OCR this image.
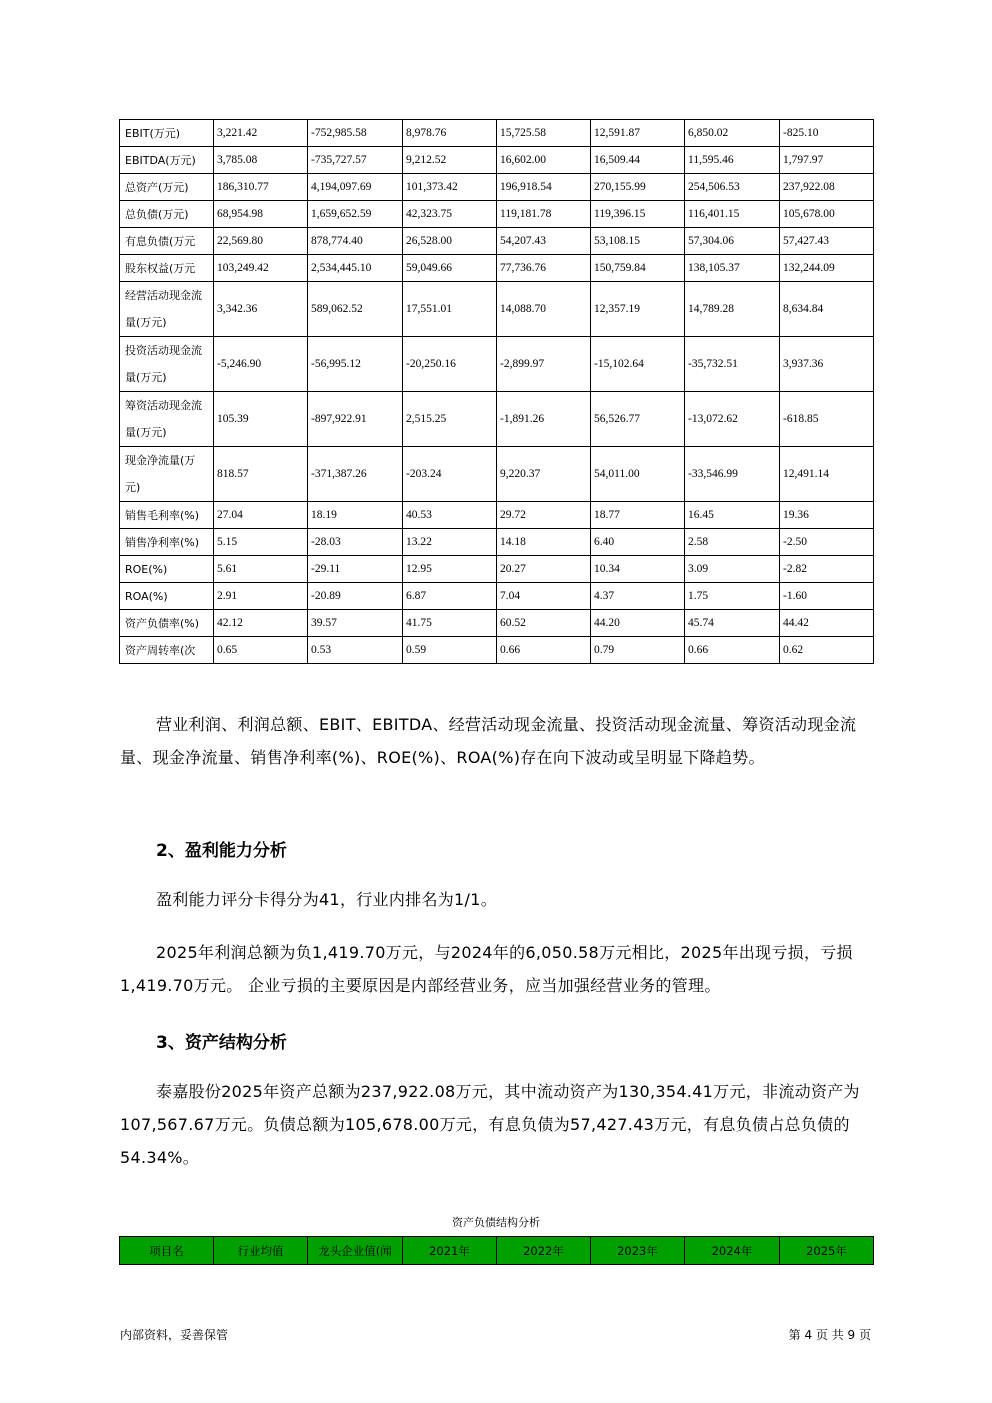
EBIT(万元)	3,221.42	-752,985.58	8,978.76	15,725.58	12,591.87	6,850.02	-825.10
EBITDA(万元)	3,785.08	-735,727.57	9,212.52	16,602.00	16,509.44	11,595.46	1,797.97
总资产(万元)	186,310.77	4,194,097.69	101,373.42	196,918.54	270,155.99	254,506.53	237,922.08
总负债(万元)	68,954.98	1,659,652.59	42,323.75	119,181.78	119,396.15	116,401.15	105,678.00
有息负债(万元	22,569.80	878,774.40	26,528.00	54,207.43	53,108.15	57,304.06	57,427.43
股东权益(万元	103,249.42	2,534,445.10	59,049.66	77,736.76	150,759.84	138,105.37	132,244.09
经营活动现金流量(万元)	3,342.36	589,062.52	17,551.01	14,088.70	12,357.19	14,789.28	8,634.84
投资活动现金流量(万元)	-5,246.90	-56,995.12	-20,250.16	-2,899.97	-15,102.64	-35,732.51	3,937.36
筹资活动现金流量(万元)	105.39	-897,922.91	2,515.25	-1,891.26	56,526.77	-13,072.62	-618.85
现金净流量(万元)	818.57	-371,387.26	-203.24	9,220.37	54,011.00	-33,546.99	12,491.14
销售毛利率(%)	27.04	18.19	40.53	29.72	18.77	16.45	19.36
销售净利率(%)	5.15	-28.03	13.22	14.18	6.40	2.58	-2.50
ROE(%)	5.61	-29.11	12.95	20.27	10.34	3.09	-2.82
ROA(%)	2.91	-20.89	6.87	7.04	4.37	1.75	-1.60
资产负债率(%)	42.12	39.57	41.75	60.52	44.20	45.74	44.42
资产周转率(次	0.65	0.53	0.59	0.66	0.79	0.66	0.62

营业利润、利润总额、EBIT、EBITDA、经营活动现金流量、投资活动现金流量、筹资活动现金流量、现金净流量、销售净利率(%)、ROE(%)、ROA(%)存在向下波动或呈明显下降趋势。

2、盈利能力分析

盈利能力评分卡得分为41，行业内排名为1/1。

2025年利润总额为负1,419.70万元，与2024年的6,050.58万元相比，2025年出现亏损，亏损1,419.70万元。 企业亏损的主要原因是内部经营业务，应当加强经营业务的管理。

3、资产结构分析

泰嘉股份2025年资产总额为237,922.08万元，其中流动资产为130,354.41万元，非流动资产为107,567.67万元。负债总额为105,678.00万元，有息负债为57,427.43万元，有息负债占总负债的54.34%。

资产负债结构分析
项目名	行业均值	龙头企业值(闻	2021年	2022年	2023年	2024年	2025年
内部资料，妥善保管	第 4 页 共 9 页
